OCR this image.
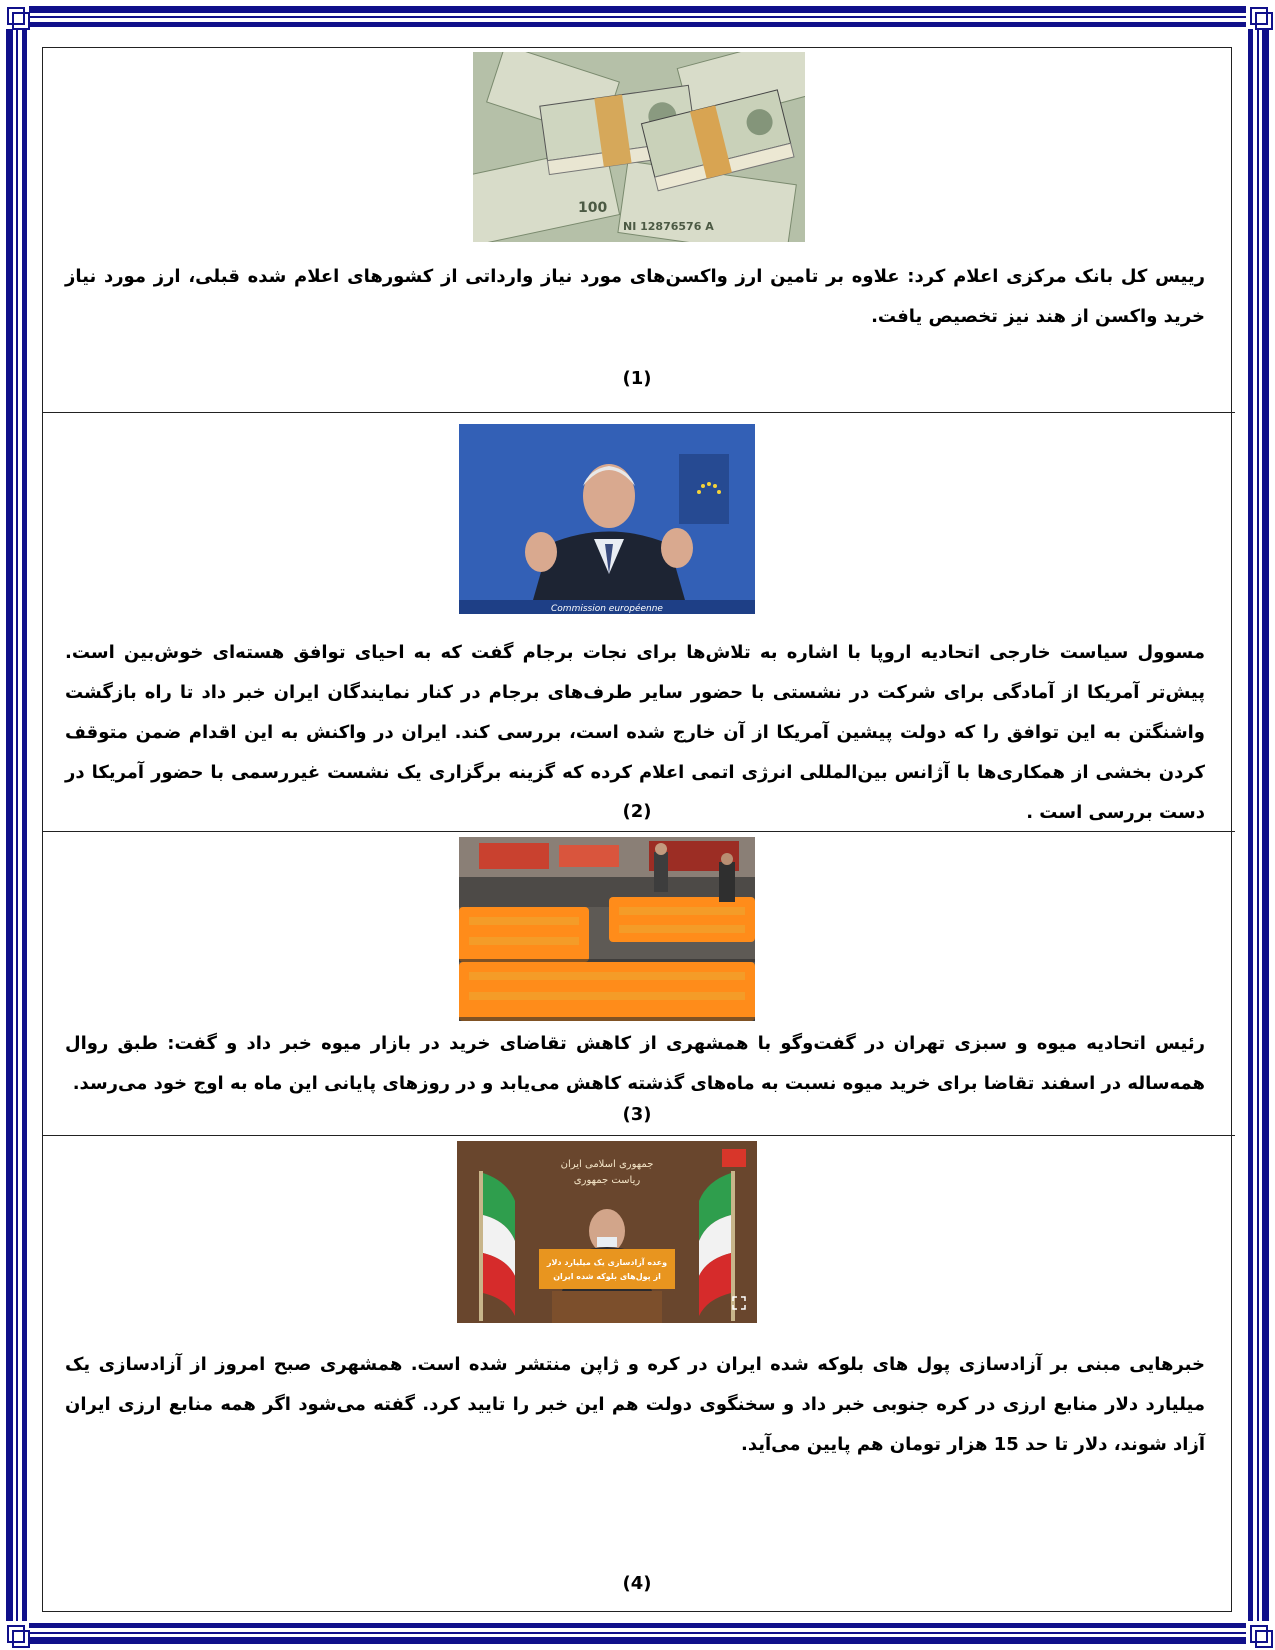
100
NI 12876576 A
رییس کل بانک مرکزی اعلام کرد: علاوه بر تامین ارز واکسن‌های مورد نیاز وارداتی از کشورهای اعلام شده قبلی، ارز مورد نیاز خرید واکسن از هند نیز تخصیص یافت.
(1)
Commission européenne
مسوول سیاست خارجی اتحادیه اروپا با اشاره به تلاش‌ها برای نجات برجام گفت که به احیای توافق هسته‌ای خوش‌بین است. پیش‌تر آمریکا از آمادگی برای شرکت در نشستی با حضور سایر طرف‌های برجام در کنار نمایندگان ایران خبر داد تا راه بازگشت واشنگتن به این توافق را که دولت پیشین آمریکا از آن خارج شده است، بررسی کند. ایران در واکنش به این اقدام ضمن متوقف کردن بخشی از همکاری‌ها با آژانس بین‌المللی انرژی اتمی اعلام کرده که گزینه برگزاری یک نشست غیررسمی با حضور آمریکا در دست بررسی است .
(2)
رئیس اتحادیه میوه و سبزی تهران در گفت‌وگو با همشهری از کاهش تقاضای خرید در بازار میوه خبر داد و گفت: طبق روال همه‌ساله در اسفند تقاضا برای خرید میوه نسبت به ماه‌های گذشته کاهش می‌یابد و در روزهای پایانی این ماه به اوج خود می‌رسد.
(3)
جمهوری اسلامی ایران
ریاست جمهوری
وعده آزادسازی یک میلیارد دلار
از پول‌های بلوکه شده ایران
خبرهایی مبنی بر آزادسازی پول های بلوکه شده ایران در کره و ژاپن منتشر شده است. همشهری صبح امروز از آزادسازی یک میلیارد دلار منابع ارزی در کره جنوبی خبر داد و سخنگوی دولت هم این خبر را تایید کرد. گفته می‌شود اگر همه منابع ارزی ایران آزاد شوند، دلار تا حد 15 هزار تومان هم پایین می‌آید.
(4)
